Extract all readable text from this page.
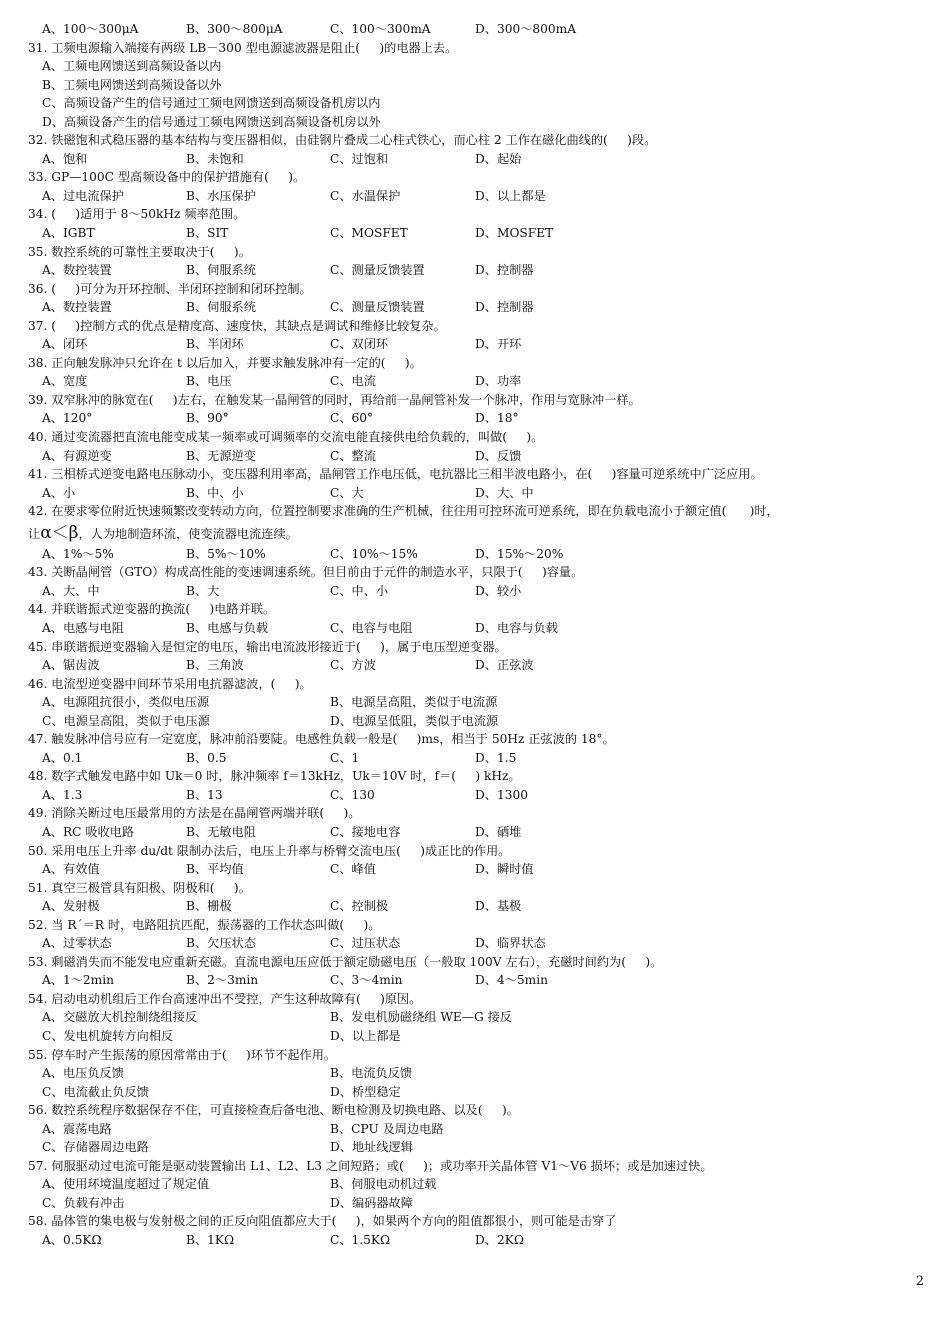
A、100～300μA	B、300～800μA	C、100～300mA	D、300～800mA
31. 工频电源输入端接有两级 LB－300 型电源滤波器是阻止(     )的电器上去。
A、工频电网馈送到高频设备以内
B、工频电网馈送到高频设备以外
C、高频设备产生的信号通过工频电网馈送到高频设备机房以内
D、高频设备产生的信号通过工频电网馈送到高频设备机房以外
32. 铁磁饱和式稳压器的基本结构与变压器相似，由硅钢片叠成二心柱式铁心，而心柱 2 工作在磁化曲线的(     )段。
A、饱和	B、未饱和	C、过饱和	D、起始
33. GP—100C 型高频设备中的保护措施有(     )。
A、过电流保护	B、水压保护	C、水温保护	D、以上都是
34. (     )适用于 8～50kHz 频率范围。
A、IGBT	B、SIT	C、MOSFET	D、MOSFET
35. 数控系统的可靠性主要取决于(     )。
A、数控装置	B、伺服系统	C、测量反馈装置	D、控制器
36. (     )可分为开环控制、半闭环控制和闭环控制。
A、数控装置	B、伺服系统	C、测量反馈装置	D、控制器
37. (     )控制方式的优点是精度高、速度快，其缺点是调试和维修比较复杂。
A、闭环	B、半闭环	C、双闭环	D、开环
38. 正向触发脉冲只允许在 t 以后加入，并要求触发脉冲有一定的(     )。
A、宽度	B、电压	C、电流	D、功率
39. 双窄脉冲的脉宽在(     )左右，在触发某一晶闸管的同时，再给前一晶闸管补发一个脉冲，作用与宽脉冲一样。
A、120°	B、90°	C、60°	D、18°
40. 通过变流器把直流电能变成某一频率或可调频率的交流电能直接供电给负载的，叫做(     )。
A、有源逆变	B、无源逆变	C、整流	D、反馈
41. 三相桥式逆变电路电压脉动小，变压器利用率高，晶闸管工作电压低，电抗器比三相半波电路小，在(     )容量可逆系统中广泛应用。
A、小	B、中、小	C、大	D、大、中
42. 在要求零位附近快速频繁改变转动方向，位置控制要求准确的生产机械，往往用可控环流可逆系统，即在负载电流小于额定值(      )时，
让α＜β，人为地制造环流，使变流器电流连续。
A、1%～5%	B、5%～10%	C、10%～15%	D、15%～20%
43. 关断晶闸管（GTO）构成高性能的变速调速系统。但目前由于元件的制造水平，只限于(     )容量。
A、大、中	B、大	C、中、小	D、较小
44. 并联谐振式逆变器的换流(     )电路并联。
A、电感与电阻	B、电感与负载	C、电容与电阻	D、电容与负载
45. 串联谐振逆变器输入是恒定的电压，输出电流波形接近于(     )，属于电压型逆变器。
A、锯齿波	B、三角波	C、方波	D、正弦波
46. 电流型逆变器中间环节采用电抗器滤波，(     )。
A、电源阻抗很小，类似电压源	B、电源呈高阻，类似于电流源
C、电源呈高阻，类似于电压源	D、电源呈低阻，类似于电流源
47. 触发脉冲信号应有一定宽度，脉冲前沿要陡。电感性负载一般是(     )ms，相当于 50Hz 正弦波的 18°。
A、0.1	B、0.5	C、1	D、1.5
48. 数字式触发电路中如 Uk＝0 时，脉冲频率 f＝13kHz，Uk＝10V 时，f＝(     ) kHz。
A、1.3	B、13	C、130	D、1300
49. 消除关断过电压最常用的方法是在晶闸管两端并联(     )。
A、RC 吸收电路	B、无敏电阻	C、接地电容	D、硒堆
50. 采用电压上升率 du/dt 限制办法后，电压上升率与桥臂交流电压(     )成正比的作用。
A、有效值	B、平均值	C、峰值	D、瞬时值
51. 真空三极管具有阳极、阴极和(     )。
A、发射极	B、栅极	C、控制极	D、基极
52. 当 R´＝R 时，电路阻抗匹配，振荡器的工作状态叫做(     )。
A、过零状态	B、欠压状态	C、过压状态	D、临界状态
53. 剩磁消失而不能发电应重新充磁。直流电源电压应低于额定励磁电压（一般取 100V 左右），充磁时间约为(     )。
A、1～2min	B、2～3min	C、3～4min	D、4～5min
54. 启动电动机组后工作台高速冲出不受控，产生这种故障有(     )原因。
A、交磁放大机控制绕组接反	B、发电机励磁绕组 WE—G 接反
C、发电机旋转方向相反	D、以上都是
55. 停车时产生振荡的原因常常由于(     )环节不起作用。
A、电压负反馈	B、电流负反馈
C、电流截止负反馈	D、桥型稳定
56. 数控系统程序数据保存不住，可直接检查后备电池、断电检测及切换电路、以及(     )。
A、震荡电路	B、CPU 及周边电路
C、存储器周边电路	D、地址线逻辑
57. 伺服驱动过电流可能是驱动装置输出 L1、L2、L3 之间短路；或(     )；或功率开关晶体管 V1～V6 损坏；或是加速过快。
A、使用环境温度超过了规定值	B、伺服电动机过载
C、负载有冲击	D、编码器故障
58. 晶体管的集电极与发射极之间的正反向阻值都应大于(     )，如果两个方向的阻值都很小，则可能是击穿了
A、0.5KΩ	B、1KΩ	C、1.5KΩ	D、2KΩ
2
